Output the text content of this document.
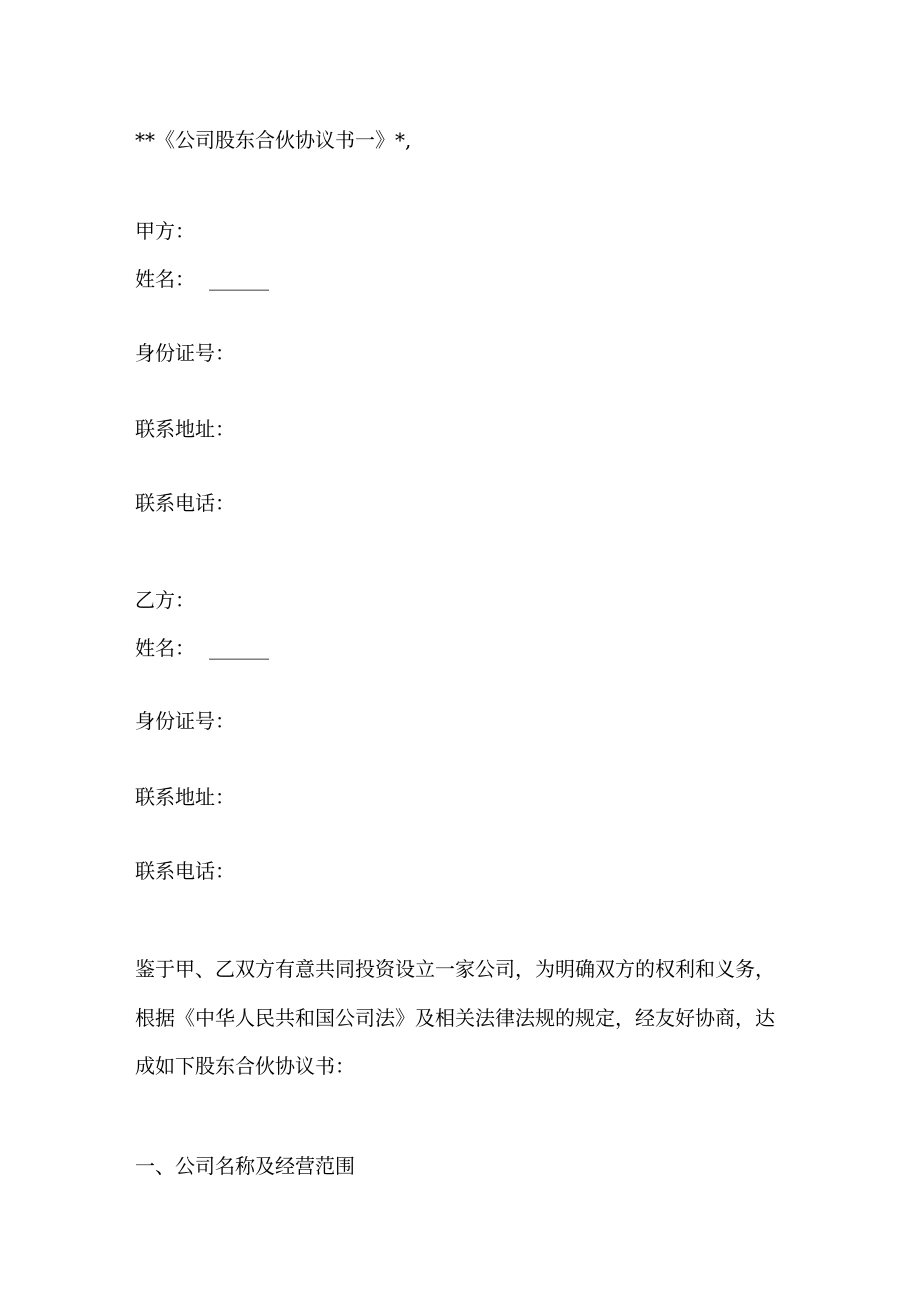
**《公司股东合伙协议书一》*,
甲方：
姓名： ______
身份证号：
联系地址：
联系电话：
乙方：
姓名： ______
身份证号：
联系地址：
联系电话：
鉴于甲、乙双方有意共同投资设立一家公司，为明确双方的权利和义务，
根据《中华人民共和国公司法》及相关法律法规的规定，经友好协商，达
成如下股东合伙协议书：
一、公司名称及经营范围
